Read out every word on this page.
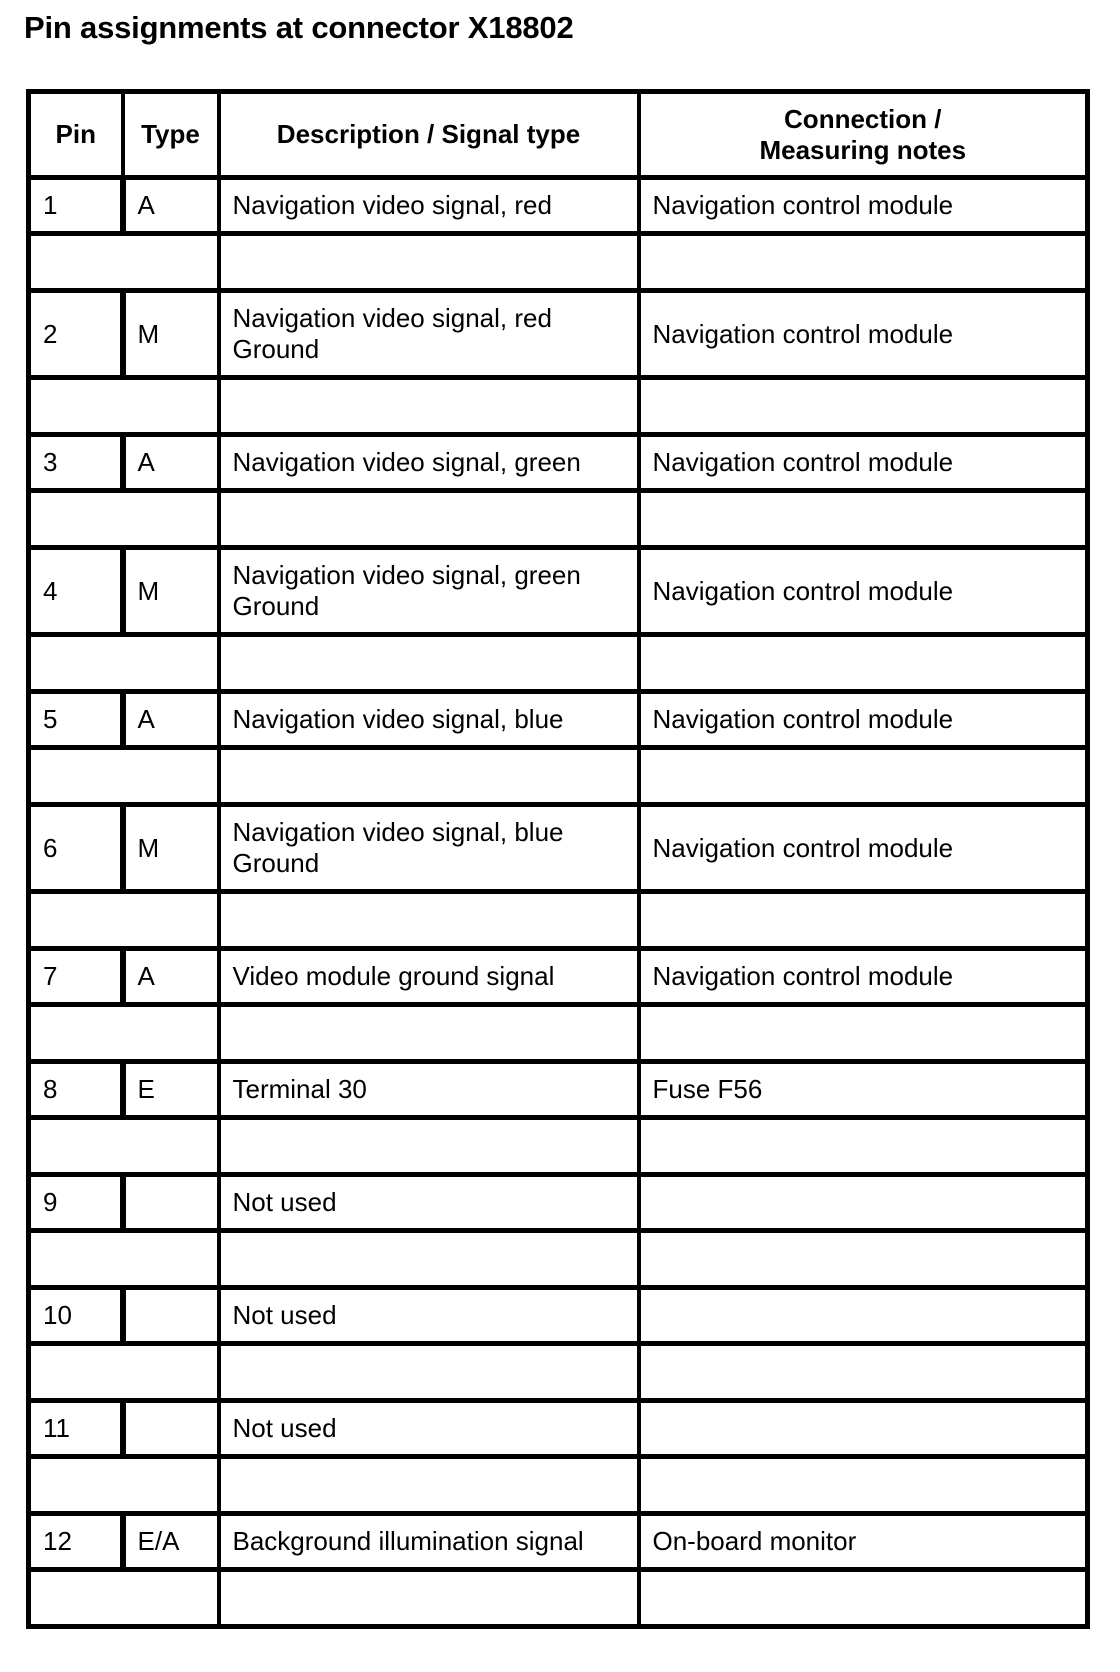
Pin assignments at connector X18802
Pin	Type	Description / Signal type	Connection /
Measuring notes

1	A	Navigation video signal, red	Navigation control module

2	M	Navigation video signal, red
Ground	Navigation control module

3	A	Navigation video signal, green	Navigation control module

4	M	Navigation video signal, green
Ground	Navigation control module

5	A	Navigation video signal, blue	Navigation control module

6	M	Navigation video signal, blue
Ground	Navigation control module

7	A	Video module ground signal	Navigation control module

8	E	Terminal 30	Fuse F56

9		Not used	

10		Not used	

11		Not used	

12	E/A	Background illumination signal	On-board monitor
